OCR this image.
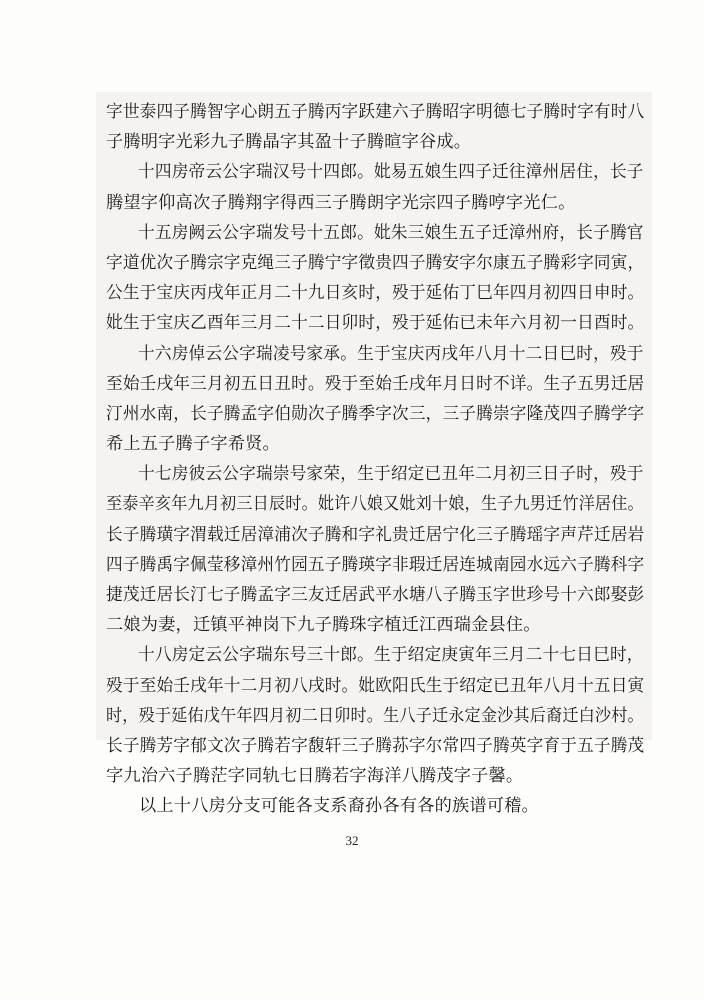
字世泰四子腾智字心朗五子腾丙字跃建六子腾昭字明德七子腾时字有时八
子腾明字光彩九子腾晶字其盈十子腾暄字谷成。
十四房帝云公字瑞汉号十四郎。妣易五娘生四子迁往漳州居住，长子
腾望字仰高次子腾翔字得西三子腾朗字光宗四子腾哼字光仁。
十五房阙云公字瑞发号十五郎。妣朱三娘生五子迁漳州府，长子腾官
字道优次子腾宗字克绳三子腾宁字徵贵四子腾安字尔康五子腾彩字同寅，
公生于宝庆丙戌年正月二十九日亥时，殁于延佑丁巳年四月初四日申时。
妣生于宝庆乙酉年三月二十二日卯时，殁于延佑已未年六月初一日酉时。
十六房倬云公字瑞凌号家承。生于宝庆丙戌年八月十二日巳时，殁于
至始壬戌年三月初五日丑时。殁于至始壬戌年月日时不详。生子五男迁居
汀州水南，长子腾孟字伯勋次子腾季字次三，三子腾崇字隆茂四子腾学字
希上五子腾子字希贤。
十七房彼云公字瑞崇号家荣，生于绍定已丑年二月初三日子时，殁于
至泰辛亥年九月初三日辰时。妣许八娘又妣刘十娘，生子九男迁竹洋居住。
长子腾璜字渭载迁居漳浦次子腾和字礼贵迁居宁化三子腾瑶字声芹迁居岩
四子腾禹字佩莹移漳州竹园五子腾瑛字非瑕迁居连城南园水远六子腾科字
捷茂迁居长汀七子腾孟字三友迁居武平水塘八子腾玉字世珍号十六郎娶彭
二娘为妻，迁镇平神岗下九子腾珠字植迁江西瑞金县住。
十八房定云公字瑞东号三十郎。生于绍定庚寅年三月二十七日巳时，
殁于至始壬戌年十二月初八戌时。妣欧阳氏生于绍定已丑年八月十五日寅
时，殁于延佑戊午年四月初二日卯时。生八子迁永定金沙其后裔迁白沙村。
长子腾芳字郁文次子腾若字馥轩三子腾荪字尔常四子腾英字育于五子腾茂
字九治六子腾茫字同轨七日腾若字海洋八腾茂字子馨。
以上十八房分支可能各支系裔孙各有各的族谱可稽。
32
